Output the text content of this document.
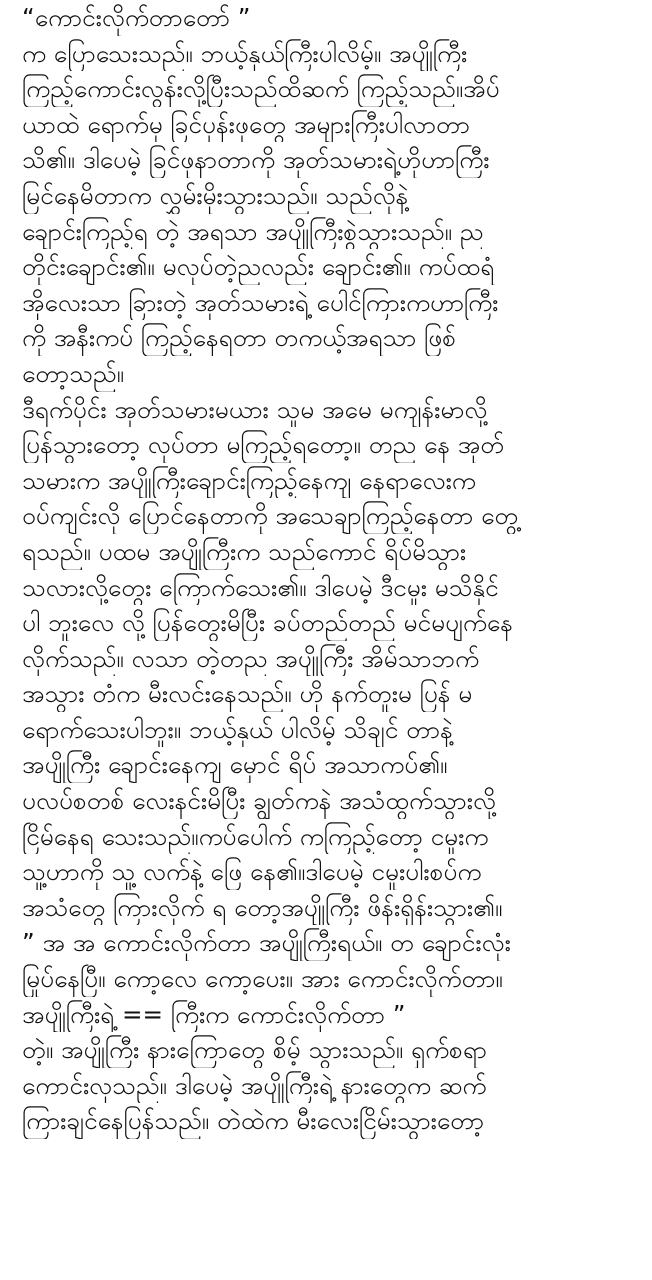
“ကောင်းလိုက်တာတော် ”
က ပြောသေးသည်။ ဘယ့်နှယ်ကြီးပါလိမ့်။ အပျိုကြီး
ကြည့်ကောင်းလွန်းလို့ပြီးသည်ထိဆက် ကြည့်သည်။အိပ်
ယာထဲ ရောက်မှ ခြင်ပုန်းဖုတွေ အများကြီးပါလာတာ
သိ၏။ ဒါပေမဲ့ ခြင်ဖုနာတာကို အုတ်သမားရဲ့ဟိုဟာကြီး
မြင်နေမိတာက လွှမ်းမိုးသွားသည်။ သည်လိုနဲ့
ချောင်းကြည့်ရ တဲ့ အရသာ အပျိုကြီးစွဲသွားသည်။ ည
တိုင်းချောင်း၏။ မလုပ်တဲ့ညလည်း ချောင်း၏။ ကပ်ထရံ
အိုလေးသာ ခြားတဲ့ အုတ်သမားရဲ့ ပေါင်ကြားကဟာကြီး
ကို အနီးကပ် ကြည့်နေရတာ တကယ့်အရသာ ဖြစ်
တော့သည်။
ဒီရက်ပိုင်း အုတ်သမားမယား သူမ အမေ မကျန်းမာလို့
ပြန်သွားတော့ လုပ်တာ မကြည့်ရတော့။ တည နေ အုတ်
သမားက အပျိုကြီးချောင်းကြည့်နေကျ နေရာလေးက
ဝပ်ကျင်းလို ပြောင်နေတာကို အသေချာကြည့်နေတာ တွေ့
ရသည်။ ပထမ အပျိုကြီးက သည်ကောင် ရိပ်မိသွား
သလားလို့တွေး ကြောက်သေး၏။ ဒါပေမဲ့ ဒီငမူး မသိနိုင်
ပါ ဘူးလေ လို့ ပြန်တွေးမိပြီး ခပ်တည်တည် မင်မပျက်နေ
လိုက်သည်။ လသာ တဲ့တည အပျိုကြီး အိမ်သာဘက်
အသွား တံက မီးလင်းနေသည်။ ဟို နက်တူးမ ပြန် မ
ရောက်သေးပါဘူး။ ဘယ့်နှယ် ပါလိမ့် သိချင် တာနဲ့
အပျိုကြီး ချောင်းနေကျ မှောင် ရိပ် အသာကပ်၏။
ပလပ်စတစ် လေးနင်းမိပြီး ချွတ်ကနဲ အသံထွက်သွားလို့
ငြိမ်နေရ သေးသည်။ကပ်ပေါက် ကကြည့်တော့ ငမူးက
သူ့ဟာကို သူ့ လက်နဲ့ ဖြေ နေ၏။ဒါပေမဲ့ ငမူးပါးစပ်က
အသံတွေ ကြားလိုက် ရ တော့အပျိုကြီး ဖိန်းရှိန်းသွား၏။
” အ အ ကောင်းလိုက်တာ အပျိုကြီးရယ်။ တ ချောင်းလုံး
မြုပ်နေပြီ။ ကော့လေ ကော့ပေး။ အား ကောင်းလိုက်တာ။
အပျိုကြီးရဲ့ == ကြီးက ကောင်းလိုက်တာ ”
တဲ့။ အပျိုကြီး နားကြောတွေ စိမ့် သွားသည်။ ရှက်စရာ
ကောင်းလှသည်။ ဒါပေမဲ့ အပျိုကြီးရဲ့ နားတွေက ဆက်
ကြားချင်နေပြန်သည်။ တဲထဲက မီးလေးငြိမ်းသွားတော့
